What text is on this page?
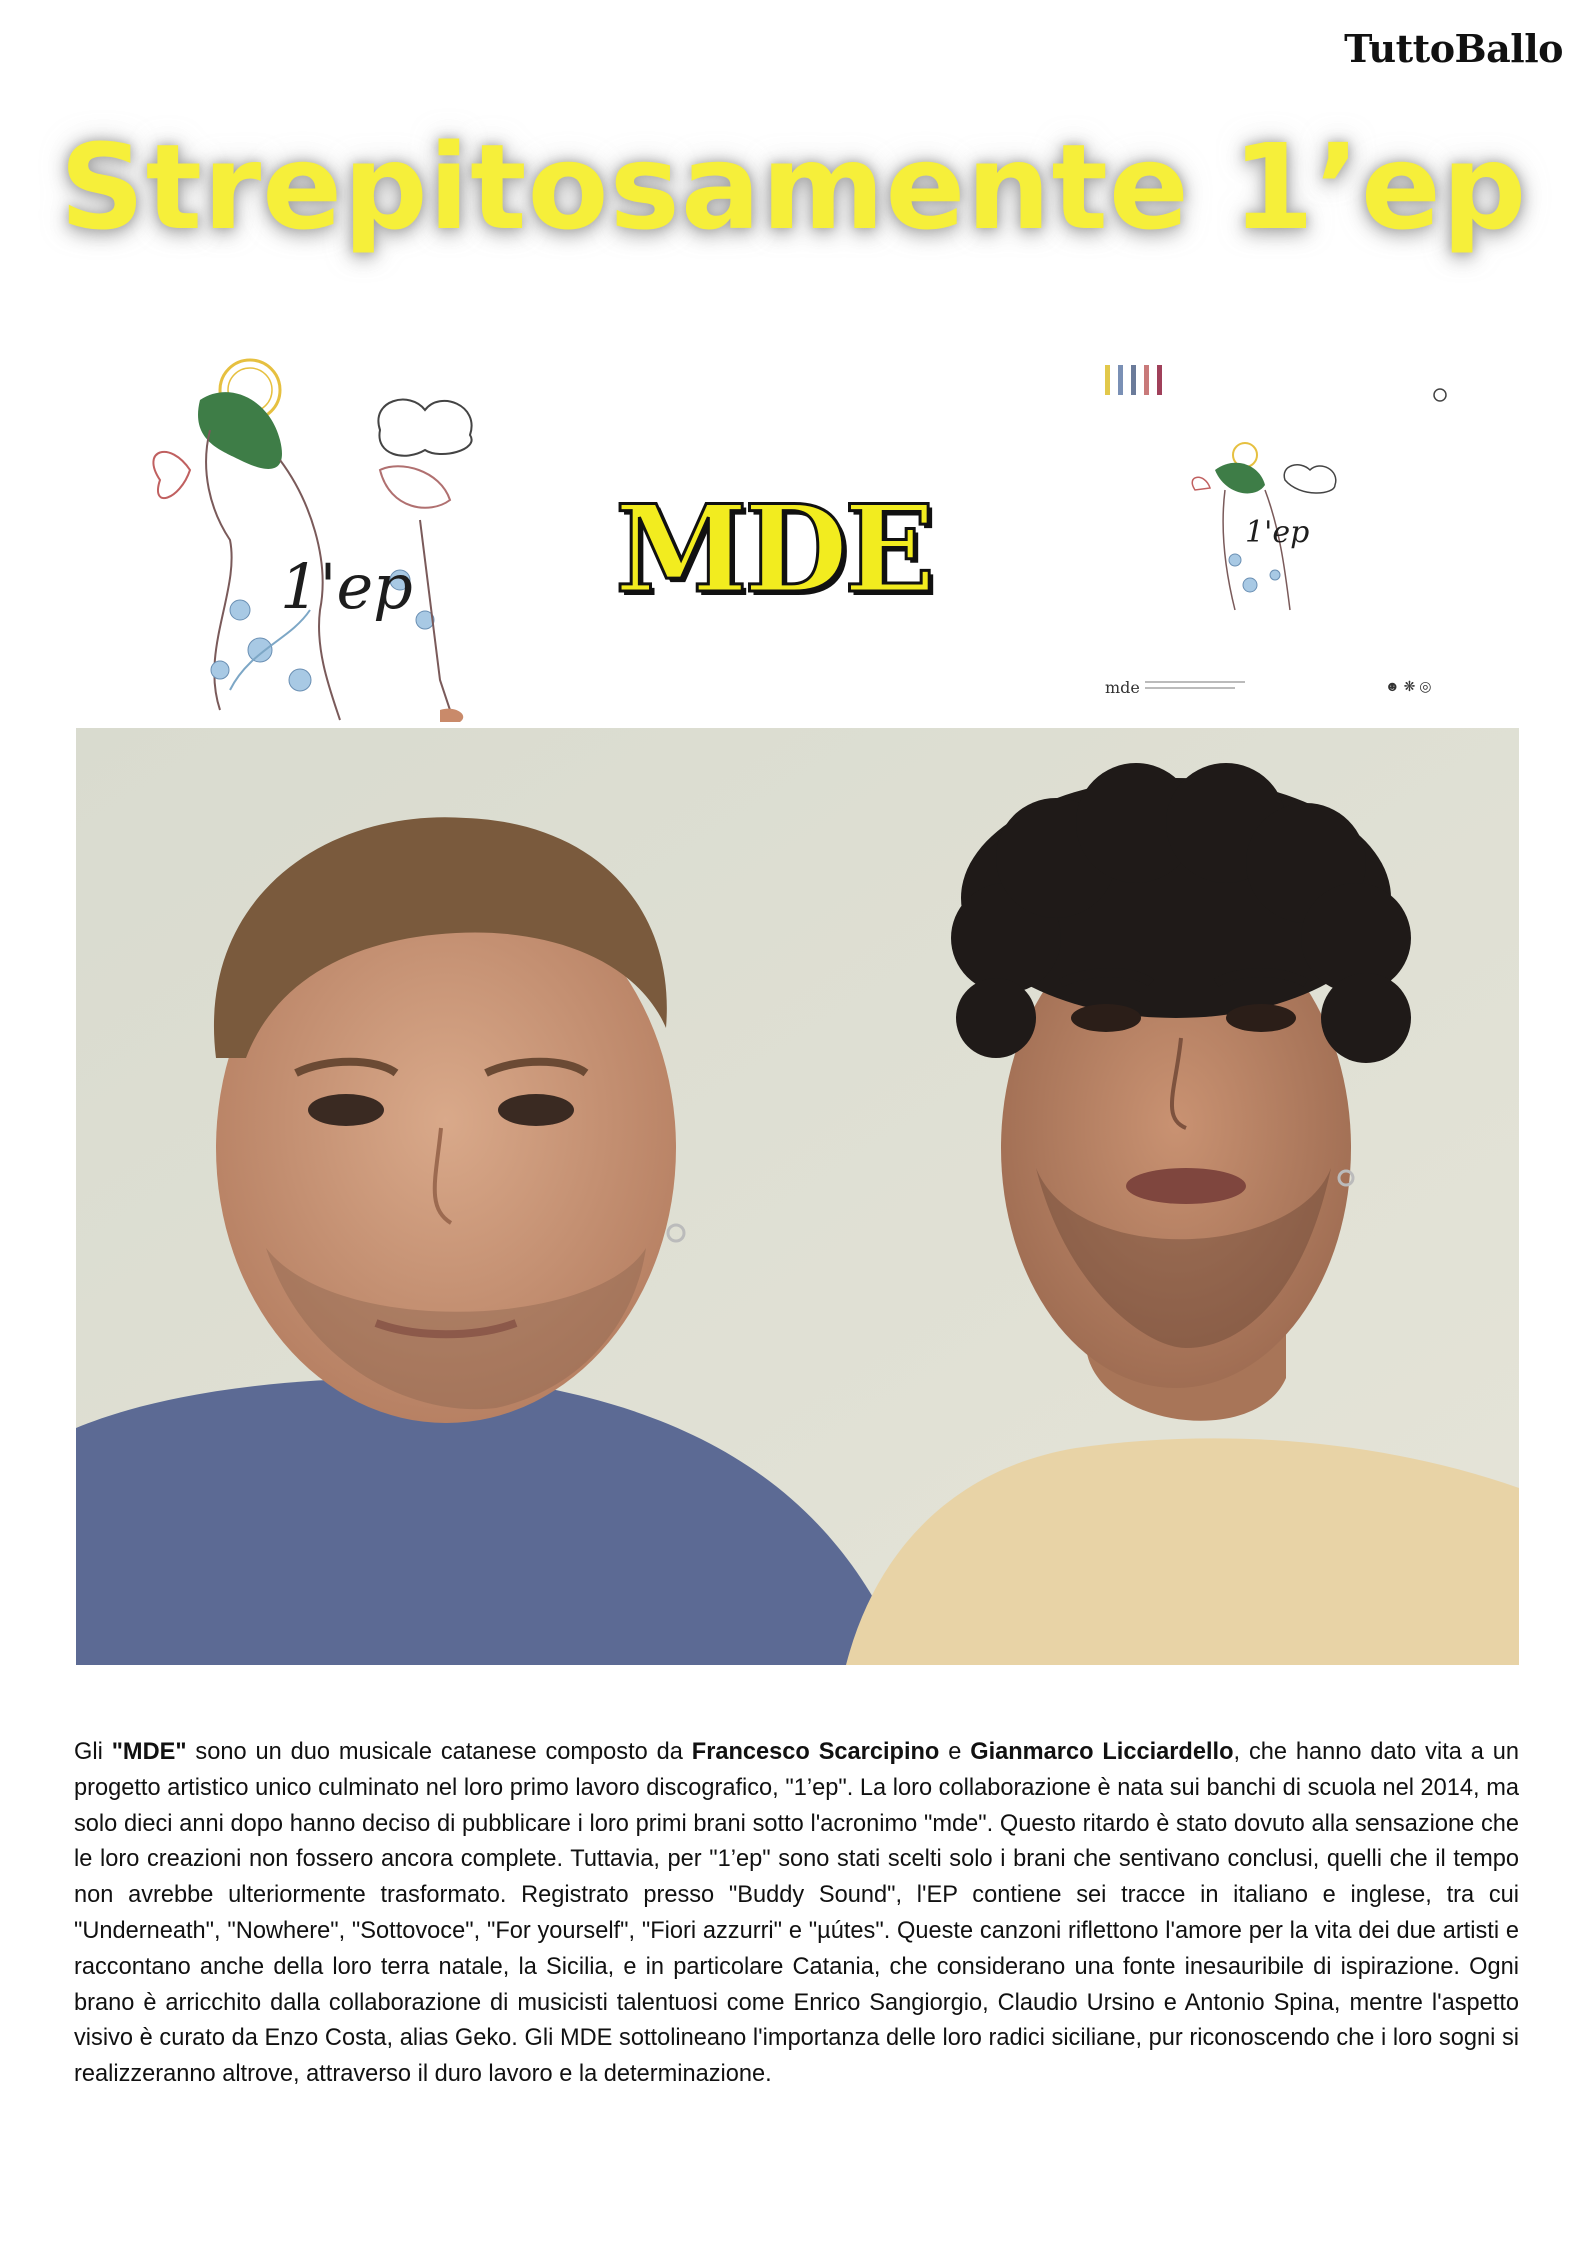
TuttoBallo
Strepitosamente 1’ep
1'ep MDE	1'ep
mde	☻ ❋ ◎
Gli "MDE" sono un duo musicale catanese composto da Francesco Scarcipino e Gianmarco Licciardello, che hanno dato vita a un progetto artistico unico culminato nel loro primo lavoro discografico, "1’ep". La loro collaborazione è nata sui banchi di scuola nel 2014, ma solo dieci anni dopo hanno deciso di pubblicare i loro primi brani sotto l'acronimo "mde". Questo ritardo è stato dovuto alla sensazione che le loro creazioni non fossero ancora complete. Tuttavia, per "1’ep" sono stati scelti solo i brani che sentivano conclusi, quelli che il tempo non avrebbe ulteriormente trasformato. Registrato presso "Buddy Sound", l'EP contiene sei tracce in italiano e inglese, tra cui "Underneath", "Nowhere", "Sottovoce", "For yourself", "Fiori azzurri" e "µútes". Queste canzoni riflettono l'amore per la vita dei due artisti e raccontano anche della loro terra natale, la Sicilia, e in particolare Catania, che considerano una fonte inesauribile di ispirazione. Ogni brano è arricchito dalla collaborazione di musicisti talentuosi come Enrico Sangiorgio, Claudio Ursino e Antonio Spina, mentre l'aspetto visivo è curato da Enzo Costa, alias Geko. Gli MDE sottolineano l'importanza delle loro radici siciliane, pur riconoscendo che i loro sogni si realizzeranno altrove, attraverso il duro lavoro e la determinazione.
